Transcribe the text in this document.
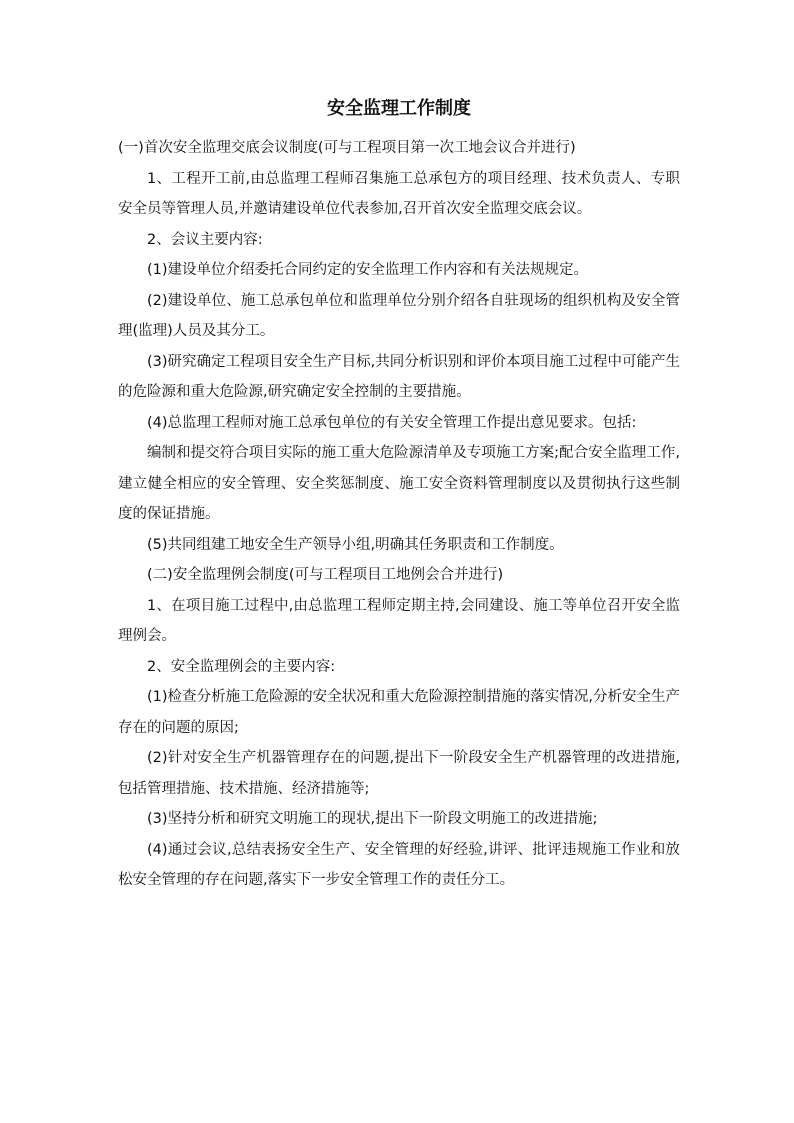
安全监理工作制度

(一)首次安全监理交底会议制度(可与工程项目第一次工地会议合并进行)

1、工程开工前,由总监理工程师召集施工总承包方的项目经理、技术负责人、专职安全员等管理人员,并邀请建设单位代表参加,召开首次安全监理交底会议。

2、会议主要内容:

(1)建设单位介绍委托合同约定的安全监理工作内容和有关法规规定。

(2)建设单位、施工总承包单位和监理单位分别介绍各自驻现场的组织机构及安全管理(监理)人员及其分工。

(3)研究确定工程项目安全生产目标,共同分析识别和评价本项目施工过程中可能产生的危险源和重大危险源,研究确定安全控制的主要措施。

(4)总监理工程师对施工总承包单位的有关安全管理工作提出意见要求。包括:

编制和提交符合项目实际的施工重大危险源清单及专项施工方案;配合安全监理工作,建立健全相应的安全管理、安全奖惩制度、施工安全资料管理制度以及贯彻执行这些制度的保证措施。

(5)共同组建工地安全生产领导小组,明确其任务职责和工作制度。

(二)安全监理例会制度(可与工程项目工地例会合并进行)

1、在项目施工过程中,由总监理工程师定期主持,会同建设、施工等单位召开安全监理例会。

2、安全监理例会的主要内容:

(1)检查分析施工危险源的安全状况和重大危险源控制措施的落实情况,分析安全生产存在的问题的原因;

(2)针对安全生产机器管理存在的问题,提出下一阶段安全生产机器管理的改进措施,包括管理措施、技术措施、经济措施等;

(3)坚持分析和研究文明施工的现状,提出下一阶段文明施工的改进措施;

(4)通过会议,总结表扬安全生产、安全管理的好经验,讲评、批评违规施工作业和放松安全管理的存在问题,落实下一步安全管理工作的责任分工。
